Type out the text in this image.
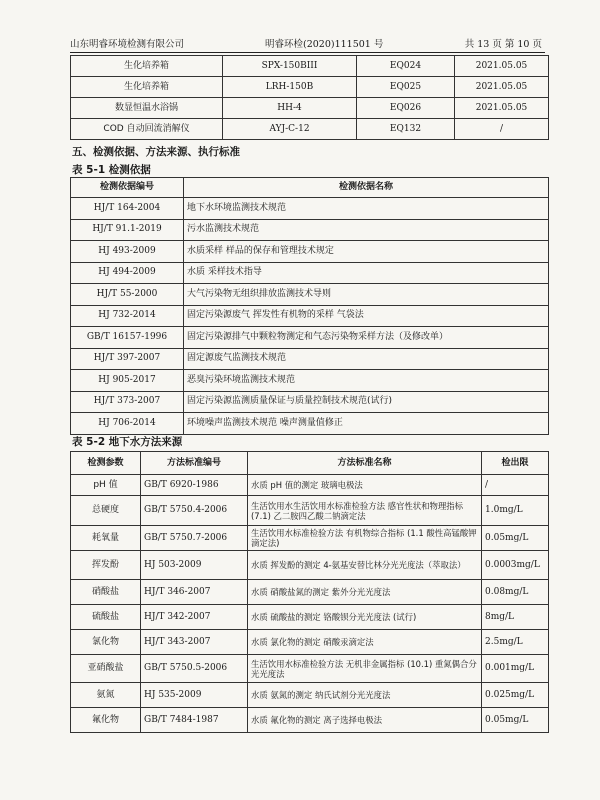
山东明睿环境检测有限公司	明睿环检(2020)111501 号	共 13 页 第 10 页
生化培养箱	SPX-150BIII	EQ024	2021.05.05
生化培养箱	LRH-150B	EQ025	2021.05.05
数显恒温水浴锅	HH-4	EQ026	2021.05.05
COD 自动回流消解仪	AYJ-C-12	EQ132	/
五、检测依据、方法来源、执行标准
表 5-1 检测依据
检测依据编号	检测依据名称
HJ/T 164-2004	地下水环境监测技术规范
HJ/T 91.1-2019	污水监测技术规范
HJ 493-2009	水质采样 样品的保存和管理技术规定
HJ 494-2009	水质 采样技术指导
HJ/T 55-2000	大气污染物无组织排放监测技术导则
HJ 732-2014	固定污染源废气 挥发性有机物的采样 气袋法
GB/T 16157-1996	固定污染源排气中颗粒物测定和气态污染物采样方法（及修改单）
HJ/T 397-2007	固定源废气监测技术规范
HJ 905-2017	恶臭污染环境监测技术规范
HJ/T 373-2007	固定污染源监测质量保证与质量控制技术规范(试行)
HJ 706-2014	环境噪声监测技术规范 噪声测量值修正
表 5-2 地下水方法来源
检测参数	方法标准编号	方法标准名称	检出限
pH 值	GB/T 6920-1986	水质 pH 值的测定 玻璃电极法	/
总硬度	GB/T 5750.4-2006	生活饮用水生活饮用水标准检验方法 感官性状和物理指标 (7.1) 乙二胺四乙酸二钠滴定法	1.0mg/L
耗氧量	GB/T 5750.7-2006	生活饮用水标准检验方法 有机物综合指标 (1.1 酸性高锰酸钾滴定法)	0.05mg/L
挥发酚	HJ 503-2009	水质 挥发酚的测定 4-氨基安替比林分光光度法（萃取法）	0.0003mg/L
硝酸盐	HJ/T 346-2007	水质 硝酸盐氮的测定 紫外分光光度法	0.08mg/L
硫酸盐	HJ/T 342-2007	水质 硫酸盐的测定 铬酸钡分光光度法 (试行)	8mg/L
氯化物	HJ/T 343-2007	水质 氯化物的测定 硝酸汞滴定法	2.5mg/L
亚硝酸盐	GB/T 5750.5-2006	生活饮用水标准检验方法 无机非金属指标 (10.1) 重氮偶合分光光度法	0.001mg/L
氨氮	HJ 535-2009	水质 氨氮的测定 纳氏试剂分光光度法	0.025mg/L
氟化物	GB/T 7484-1987	水质 氟化物的测定 离子选择电极法	0.05mg/L
